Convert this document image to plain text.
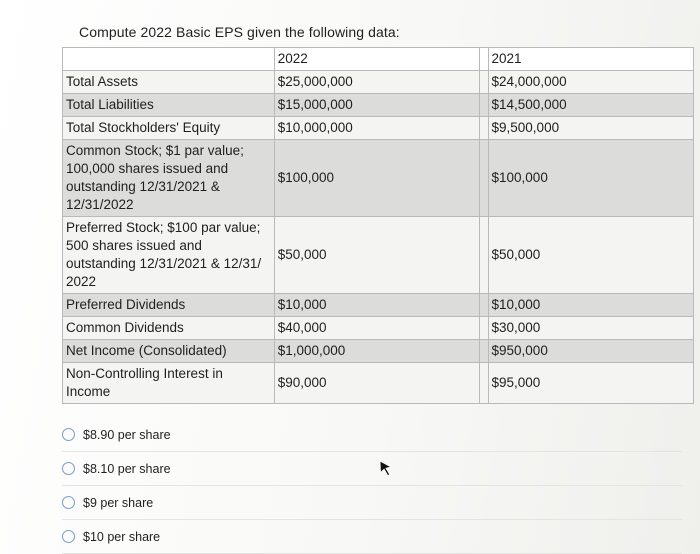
Compute 2022 Basic EPS given the following data:
	2022		2021
Total Assets	$25,000,000		$24,000,000
Total Liabilities	$15,000,000		$14,500,000
Total Stockholders' Equity	$10,000,000		$9,500,000
Common Stock; $1 par value; 100,000 shares issued and outstanding 12/31/2021 & 12/31/2022	$100,000		$100,000
Preferred Stock; $100 par value; 500 shares issued and outstanding 12/31/2021 & 12/31/ 2022	$50,000		$50,000
Preferred Dividends	$10,000		$10,000
Common Dividends	$40,000		$30,000
Net Income (Consolidated)	$1,000,000		$950,000
Non-Controlling Interest in Income	$90,000		$95,000
$8.90 per share
$8.10 per share
$9 per share
$10 per share
